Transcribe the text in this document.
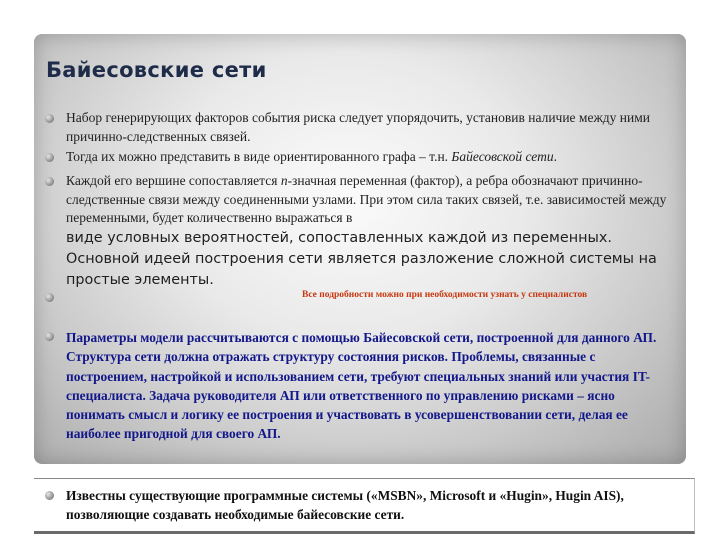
Байесовские сети

Набор генерирующих факторов события риска следует упорядочить, установив наличие между ними причинно-следственных связей.

Тогда их можно представить в виде ориентированного графа – т.н. Байесовской сети.

Каждой его вершине сопоставляется n-значная переменная (фактор), а ребра обозначают причинно-следственные связи между соединенными узлами. При этом сила таких связей, т.е. зависимостей между переменными, будет количественно выражаться в

виде условных вероятностей, сопоставленных каждой из переменных. Основной идеей построения сети является разложение сложной системы на простые элементы.

Все подробности можно при необходимости узнать у специалистов

Параметры модели рассчитываются с помощью Байесовской сети, построенной для данного АП. Структура сети должна отражать структуру состояния рисков. Проблемы, связанные с построением, настройкой и использованием сети, требуют специальных знаний или участия IT-специалиста. Задача руководителя АП или ответственного по управлению рисками – ясно понимать смысл и логику ее построения и участвовать в усовершенствовании сети, делая ее наиболее пригодной для своего АП.

Известны существующие программные системы («MSBN», Microsoft и «Hugin», Hugin AIS), позволяющие создавать необходимые байесовские сети.
